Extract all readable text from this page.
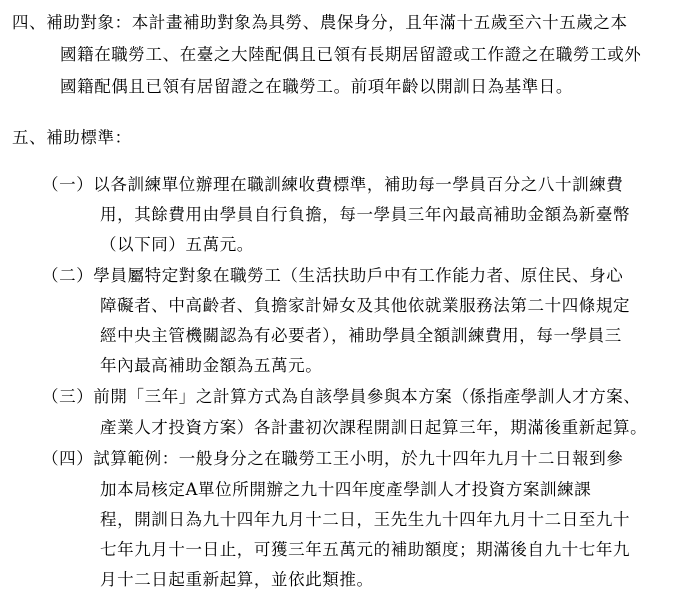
四、補助對象：本計畫補助對象為具勞、農保身分，且年滿十五歲至六十五歲之本
國籍在職勞工、在臺之大陸配偶且已領有長期居留證或工作證之在職勞工或外
國籍配偶且已領有居留證之在職勞工。前項年齡以開訓日為基準日。
五、補助標準：
（一）以各訓練單位辦理在職訓練收費標準，補助每一學員百分之八十訓練費
用，其餘費用由學員自行負擔，每一學員三年內最高補助金額為新臺幣
（以下同）五萬元。
（二）學員屬特定對象在職勞工（生活扶助戶中有工作能力者、原住民、身心
障礙者、中高齡者、負擔家計婦女及其他依就業服務法第二十四條規定
經中央主管機關認為有必要者），補助學員全額訓練費用，每一學員三
年內最高補助金額為五萬元。
（三）前開「三年」之計算方式為自該學員參與本方案（係指產學訓人才方案、
產業人才投資方案）各計畫初次課程開訓日起算三年，期滿後重新起算。
（四）試算範例：一般身分之在職勞工王小明，於九十四年九月十二日報到參
加本局核定A單位所開辦之九十四年度產學訓人才投資方案訓練課
程，開訓日為九十四年九月十二日，王先生九十四年九月十二日至九十
七年九月十一日止，可獲三年五萬元的補助額度；期滿後自九十七年九
月十二日起重新起算，並依此類推。
